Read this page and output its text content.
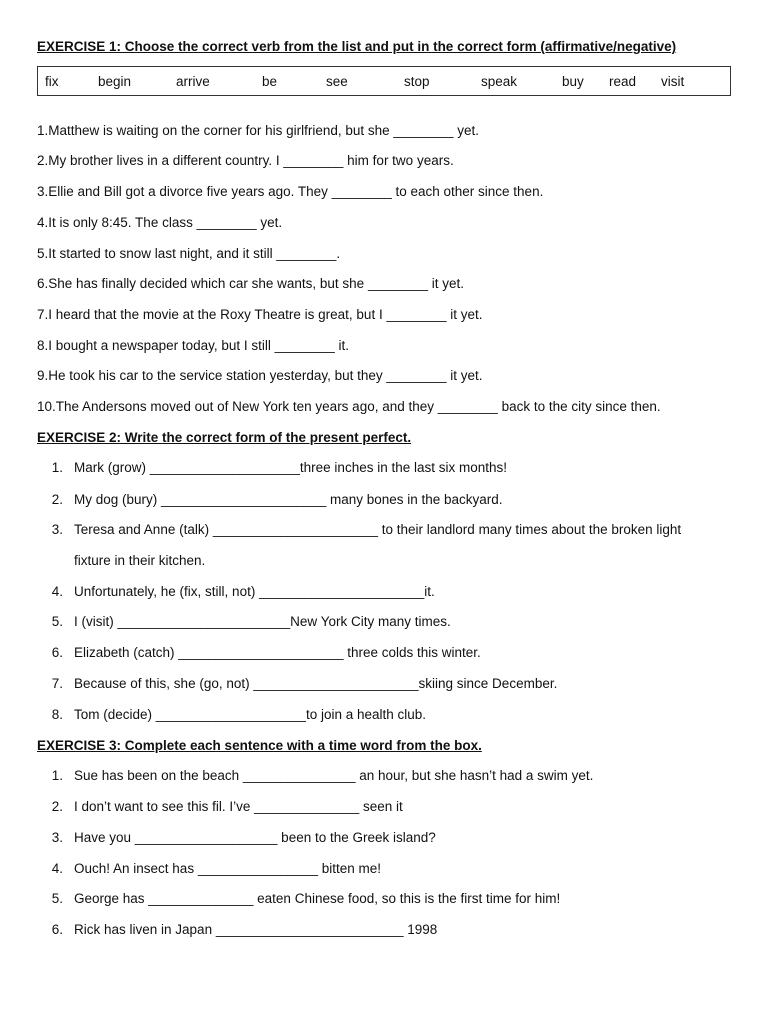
EXERCISE 1: Choose the correct verb from the list and put in the correct form (affirmative/negative)
fix	begin	arrive	be	see	stop	speak	buy read visit
1.Matthew is waiting on the corner for his girlfriend, but she ________ yet.
2.My brother lives in a different country. I ________ him for two years.
3.Ellie and Bill got a divorce five years ago. They ________ to each other since then.
4.It is only 8:45. The class ________ yet.
5.It started to snow last night, and it still ________.
6.She has finally decided which car she wants, but she ________ it yet.
7.I heard that the movie at the Roxy Theatre is great, but I ________ it yet.
8.I bought a newspaper today, but I still ________ it.
9.He took his car to the service station yesterday, but they ________ it yet.
10.The Andersons moved out of New York ten years ago, and they ________ back to the city since then.
EXERCISE 2: Write the correct form of the present perfect.
1. Mark (grow) ____________________three inches in the last six months!
2. My dog (bury) ______________________ many bones in the backyard.
3. Teresa and Anne (talk) ______________________ to their landlord many times about the broken light
fixture in their kitchen.
4. Unfortunately, he (fix, still, not) ______________________it.
5. I (visit) _______________________New York City many times.
6. Elizabeth (catch) ______________________ three colds this winter.
7. Because of this, she (go, not) ______________________skiing since December.
8. Tom (decide) ____________________to join a health club.
EXERCISE 3: Complete each sentence with a time word from the box.
1. Sue has been on the beach _______________ an hour, but she hasn’t had a swim yet.
2. I don’t want to see this fil. I’ve ______________ seen it
3. Have you ___________________ been to the Greek island?
4. Ouch! An insect has ________________ bitten me!
5. George has ______________ eaten Chinese food, so this is the first time for him!
6. Rick has liven in Japan _________________________ 1998
